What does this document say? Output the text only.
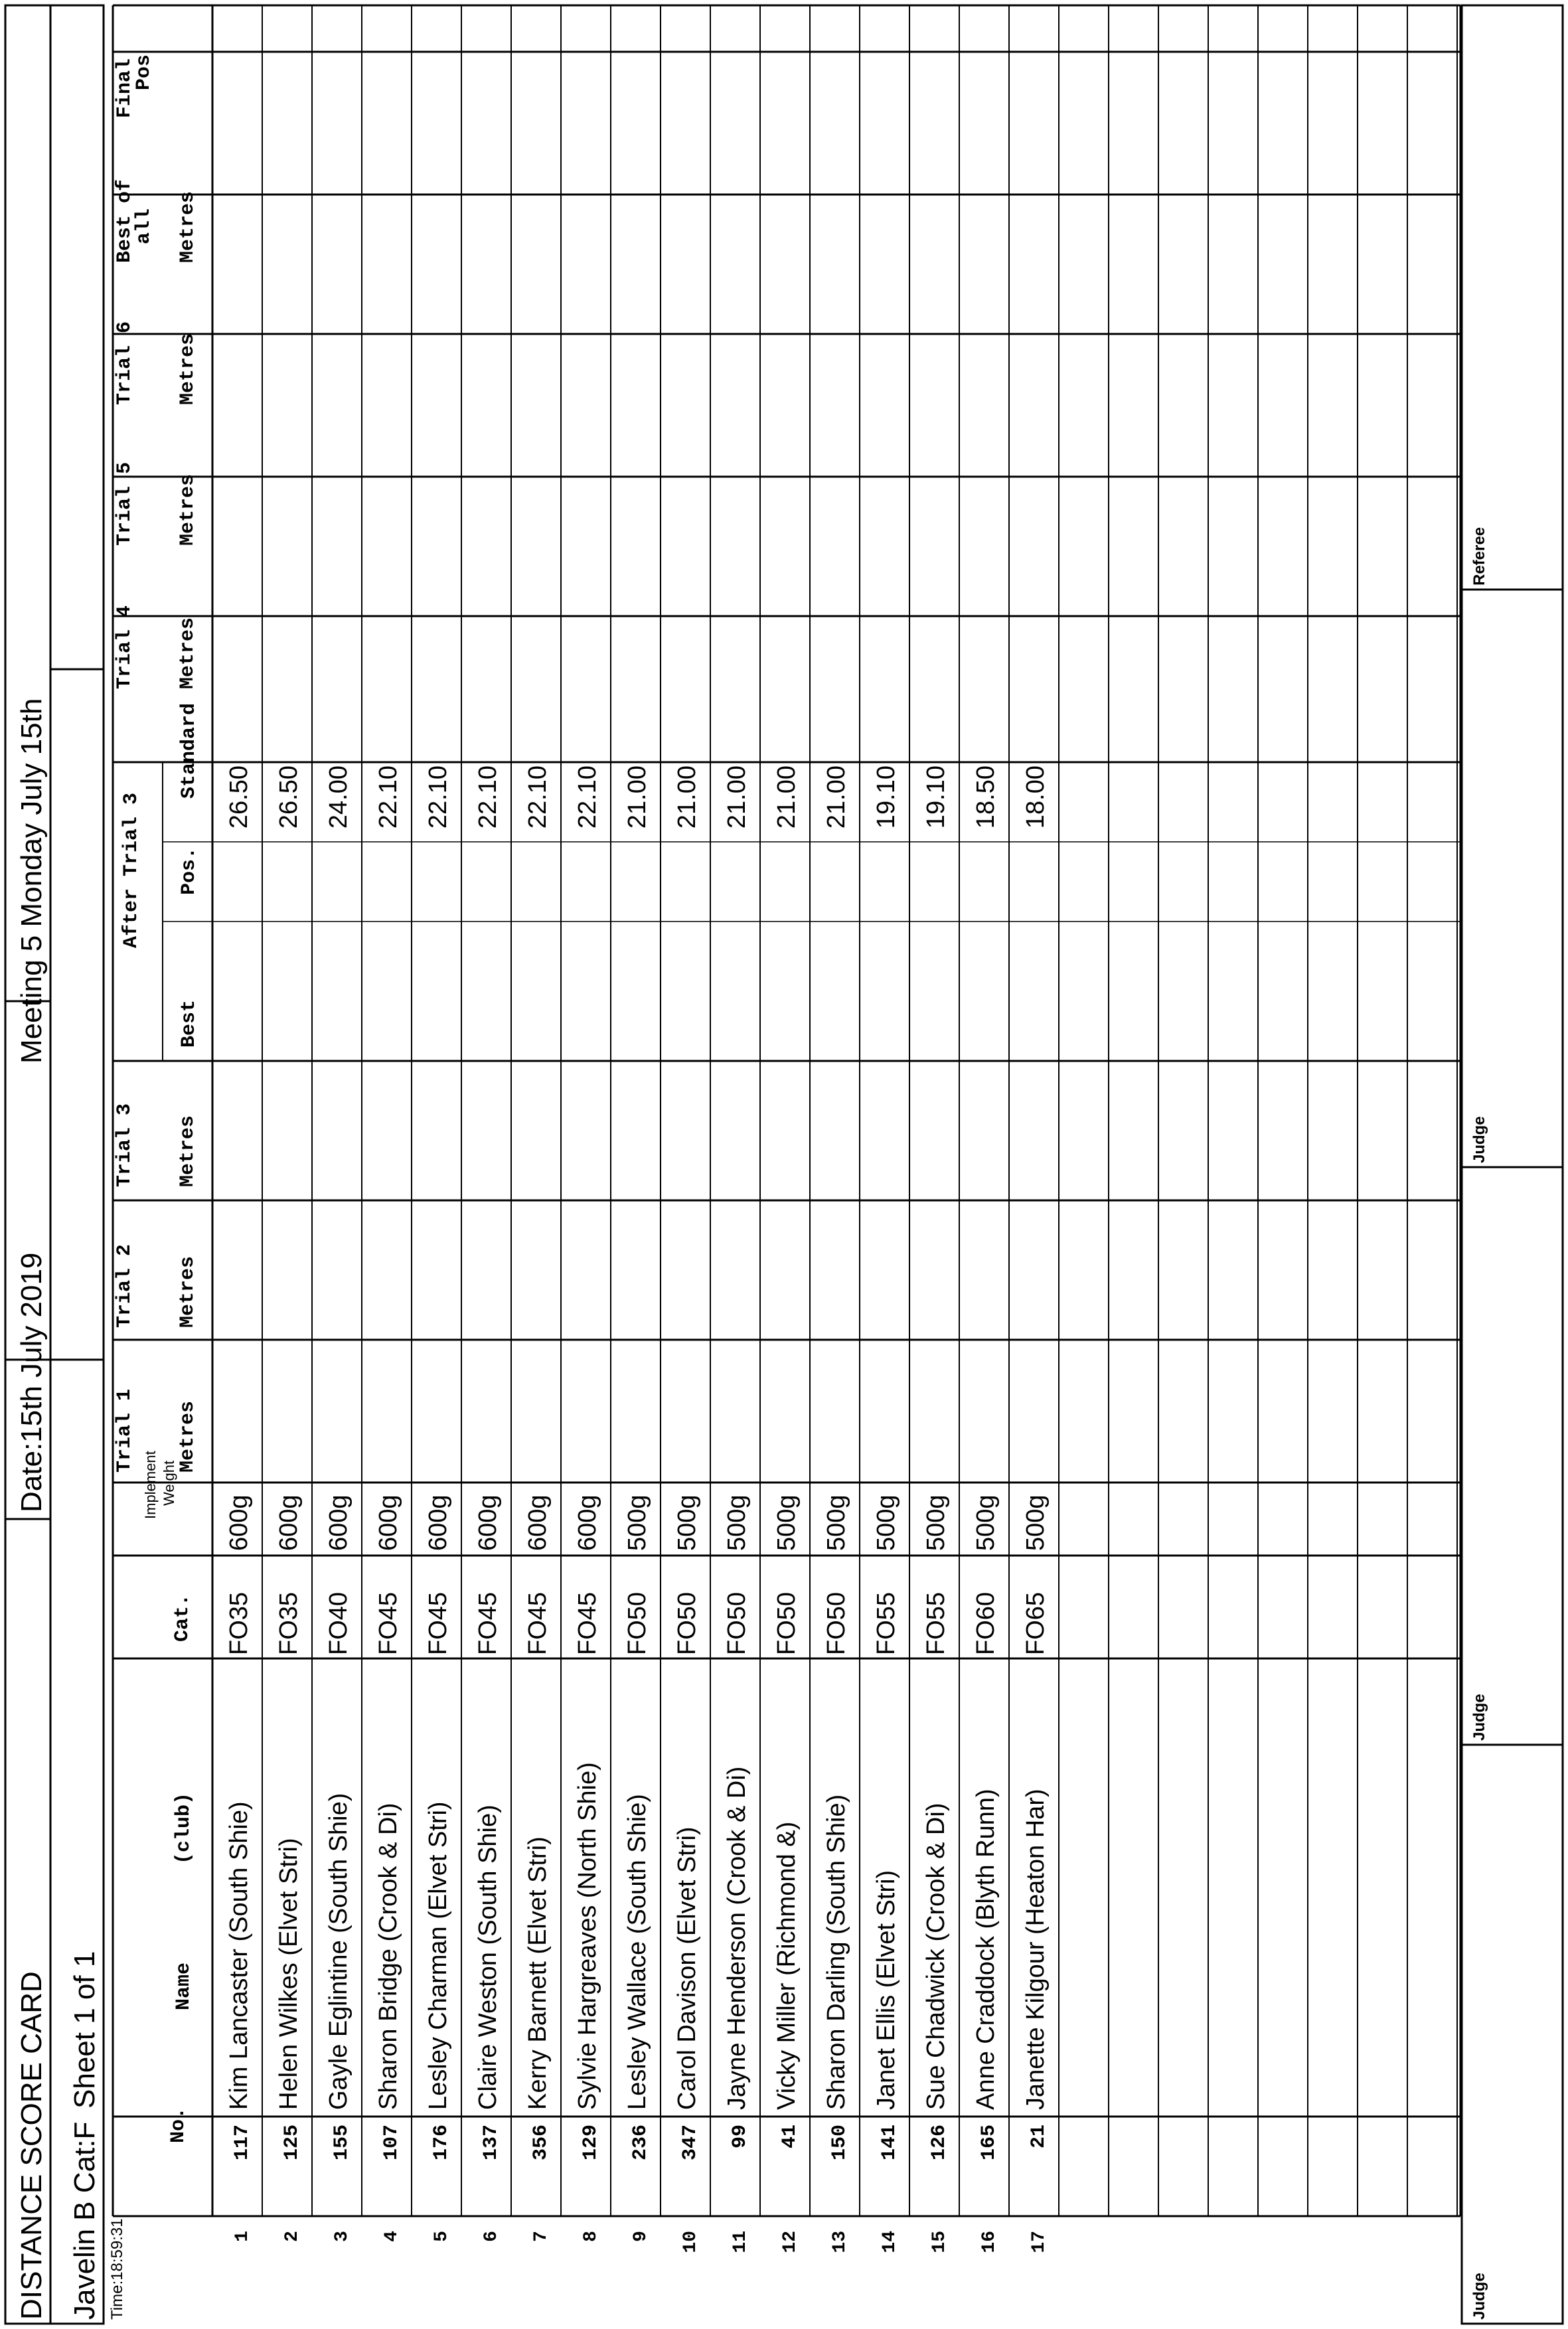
DISTANCE SCORE CARD
Date:15th July 2019
Meeting 5 Monday July 15th
Javelin B Cat:F
Sheet 1 of 1
Time:18:59:31
No.
Name
(club)
Cat.
Implement Weight
Trial 1 Metres
Trial 2 Metres
Trial 3 Metres
After Trial 3
Best
Pos.
Standard
Trial 4 Metres
Trial 5 Metres
Trial 6 Metres
Best of
all Metres
Final
Pos
1
117
Kim Lancaster (South Shie)
FO35
600g
26.50
2
125
Helen Wilkes (Elvet Stri)
FO35
600g
26.50
3
155
Gayle Eglintine (South Shie)
FO40
600g
24.00
4
107
Sharon Bridge (Crook & Di)
FO45
600g
22.10
5
176
Lesley Charman (Elvet Stri)
FO45
600g
22.10
6
137
Claire Weston (South Shie)
FO45
600g
22.10
7
356
Kerry Barnett (Elvet Stri)
FO45
600g
22.10
8
129
Sylvie Hargreaves (North Shie)
FO45
600g
22.10
9
236
Lesley Wallace (South Shie)
FO50
500g
21.00
10
347
Carol Davison (Elvet Stri)
FO50
500g
21.00
11
99
Jayne Henderson (Crook & Di)
FO50
500g
21.00
12
41
Vicky Miller (Richmond &)
FO50
500g
21.00
13
150
Sharon Darling (South Shie)
FO50
500g
21.00
14
141
Janet Ellis (Elvet Stri)
FO55
500g
19.10
15
126
Sue Chadwick (Crook & Di)
FO55
500g
19.10
16
165
Anne Craddock (Blyth Runn)
FO60
500g
18.50
17
21
Janette Kilgour (Heaton Har)
FO65
500g
18.00
Judge
Judge
Judge
Referee
